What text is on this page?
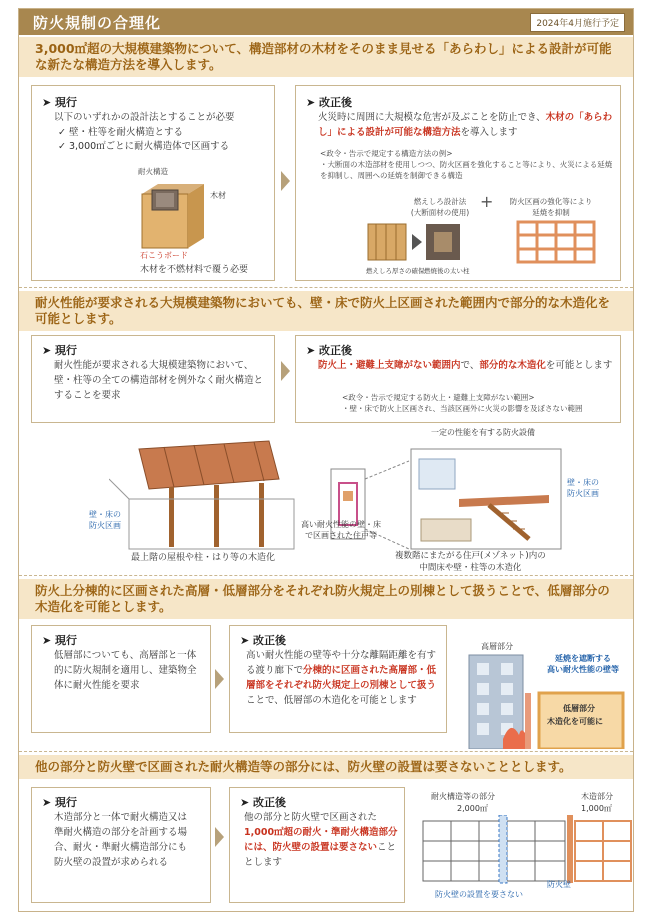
防火規制の合理化	2024年4月施行予定
3,000㎡超の大規模建築物について、構造部材の木材をそのまま見せる「あらわし」による設計が可能な新たな構造方法を導入します。
➤ 現行
以下のいずれかの設計法とすることが必要
✓ 壁・柱等を耐火構造とする
✓ 3,000㎡ごとに耐火構造体で区画する
耐火構造
木材
石こうボード
木材を不燃材料で覆う必要
➤ 改正後
火災時に周囲に大規模な危害が及ぶことを防止でき、木材の「あらわし」による設計が可能な構造方法を導入します
<政令・告示で規定する構造方法の例>
・大断面の木造部材を使用しつつ、防火区画を強化すること等により、火災による延焼を抑制し、周囲への延焼を制御できる構造
燃えしろ設計法
(大断面材の使用)
+	防火区画の強化等により
延焼を抑制
燃えしろ厚さの確保 燃焼後の太い柱
耐火性能が要求される大規模建築物においても、壁・床で防火上区画された範囲内で部分的な木造化を可能とします。
➤ 現行
耐火性能が要求される大規模建築物において、壁・柱等の全ての構造部材を例外なく耐火構造とすることを要求
➤ 改正後
防火上・避難上支障がない範囲内で、部分的な木造化を可能とします
<政令・告示で規定する防火上・避難上支障がない範囲>
・壁・床で防火上区画され、当該区画外に火災の影響を及ぼさない範囲
壁・床の
防火区画
最上階の屋根や柱・はり等の木造化
高い耐火性能の壁・床
で区画された住戸等
一定の性能を有する防火設備
壁・床の
防火区画
複数階にまたがる住戸(メゾネット)内の
中間床や壁・柱等の木造化
防火上分棟的に区画された高層・低層部分をそれぞれ防火規定上の別棟として扱うことで、低層部分の木造化を可能とします。
➤ 現行
低層部についても、高層部と一体的に防火規制を適用し、建築物全体に耐火性能を要求
➤ 改正後
高い耐火性能の壁等や十分な離隔距離を有する渡り廊下で分棟的に区画された高層部・低層部をそれぞれ防火規定上の別棟として扱うことで、低層部の木造化を可能とします
高層部分
延焼を遮断する
高い耐火性能の壁等
低層部分
木造化を可能に
他の部分と防火壁で区画された耐火構造等の部分には、防火壁の設置は要さないこととします。
➤ 現行
木造部分と一体で耐火構造又は準耐火構造の部分を計画する場合、耐火・準耐火構造部分にも防火壁の設置が求められる
➤ 改正後
他の部分と防火壁で区画された1,000㎡超の耐火・準耐火構造部分には、防火壁の設置は要さないこととします
耐火構造等の部分
2,000㎡
木造部分
1,000㎡
防火壁の設置を要さない
防火壁
